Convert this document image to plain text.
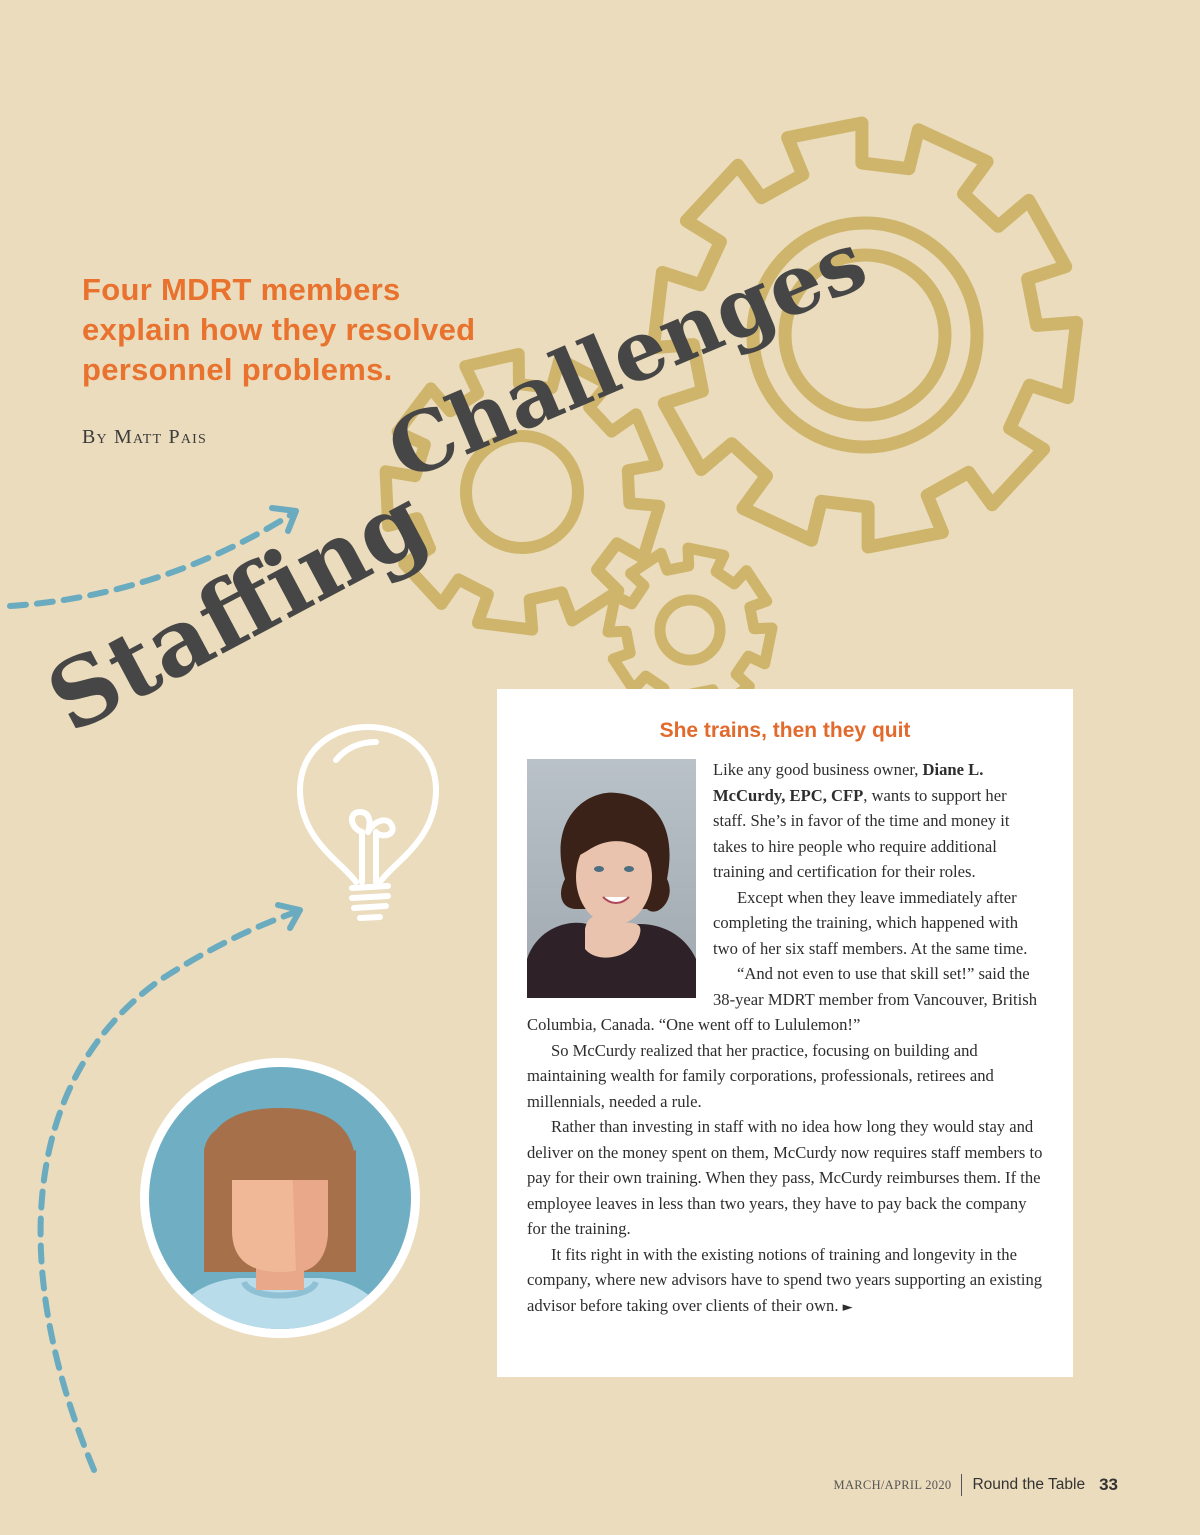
Four MDRT members
explain how they resolved
personnel problems.
By Matt Pais
Staffing
Challenges
She trains, then they quit

Like any good business owner, Diane L. McCurdy, EPC, CFP, wants to support her staff. She’s in favor of the time and money it takes to hire people who require additional training and certification for their roles.

Except when they leave immediately after completing the training, which happened with two of her six staff members. At the same time.

“And not even to use that skill set!” said the 38-year MDRT member from Vancouver, British Columbia, Canada. “One went off to Lululemon!”

So McCurdy realized that her practice, focusing on building and maintaining wealth for family corporations, professionals, retirees and millennials, needed a rule.

Rather than investing in staff with no idea how long they would stay and deliver on the money spent on them, McCurdy now requires staff members to pay for their own training. When they pass, McCurdy reimburses them. If the employee leaves in less than two years, they have to pay back the company for the training.

It fits right in with the existing notions of training and longevity in the company, where new advisors have to spend two years supporting an existing advisor before taking over clients of their own. ►

MARCH/APRIL 2020 Round the Table 33
